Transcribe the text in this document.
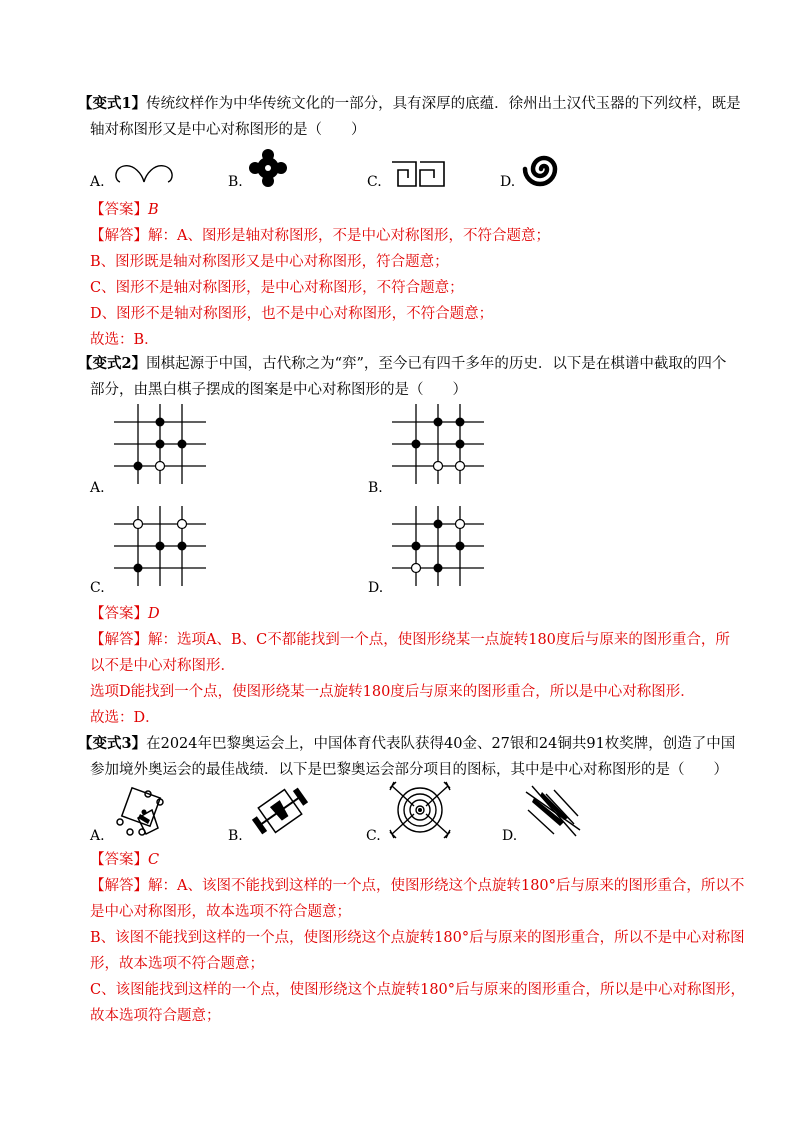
【变式1】传统纹样作为中华传统文化的一部分，具有深厚的底蕴．徐州出土汉代玉器的下列纹样，既是
轴对称图形又是中心对称图形的是（　　）
A.	B.	C.	D.
【答案】B
【解答】解：A、图形是轴对称图形，不是中心对称图形，不符合题意；
B、图形既是轴对称图形又是中心对称图形，符合题意；
C、图形不是轴对称图形，是中心对称图形，不符合题意；
D、图形不是轴对称图形，也不是中心对称图形，不符合题意；
故选：B．
【变式2】围棋起源于中国，古代称之为“弈”，至今已有四千多年的历史．以下是在棋谱中截取的四个
部分，由黑白棋子摆成的图案是中心对称图形的是（　　）
A.	B.
C.	D.
【答案】D
【解答】解：选项A、B、C不都能找到一个点，使图形绕某一点旋转180度后与原来的图形重合，所
以不是中心对称图形．
选项D能找到一个点，使图形绕某一点旋转180度后与原来的图形重合，所以是中心对称图形．
故选：D．
【变式3】在2024年巴黎奥运会上，中国体育代表队获得40金、27银和24铜共91枚奖牌，创造了中国
参加境外奥运会的最佳战绩．以下是巴黎奥运会部分项目的图标，其中是中心对称图形的是（　　）
A.	B.	C.	D.
【答案】C
【解答】解：A、该图不能找到这样的一个点，使图形绕这个点旋转180°后与原来的图形重合，所以不
是中心对称图形，故本选项不符合题意；
B、该图不能找到这样的一个点，使图形绕这个点旋转180°后与原来的图形重合，所以不是中心对称图
形，故本选项不符合题意；
C、该图能找到这样的一个点，使图形绕这个点旋转180°后与原来的图形重合，所以是中心对称图形，
故本选项符合题意；
